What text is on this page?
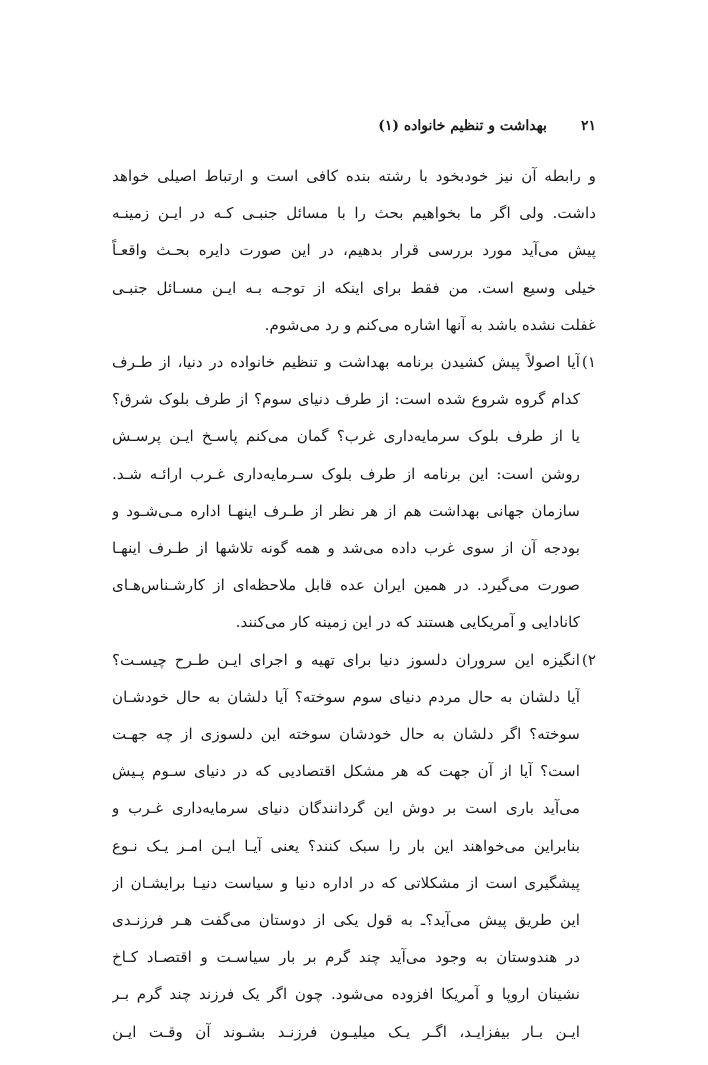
۲۱
بهداشت و تنظیم خانواده (۱)
و رابطه آن نیز خودبخود با رشته بنده کافی است و ارتباط اصیلی خواهد
داشت. ولی اگر ما بخواهیم بحث را با مسائل جنبـی کـه در ایـن زمینـه
پیش می‌آید مورد بررسی قرار بدهیم، در این صورت دایره بحـث واقعـاً
خیلی وسیع است. من فقط برای اینکه از توجـه بـه ایـن مسـائل جنبـی
غفلت نشده باشد به آنها اشاره می‌کنم و رد می‌شوم.
۱)
آیا اصولاً پیش کشیدن برنامه بهداشت و تنظیم خانواده در دنیا، از طـرف
کدام گروه شروع شده است: از طرف دنیای سوم؟ از طرف بلوک شرق؟
یا از طرف بلوک سرمایه‌داری غرب؟ گمان می‌کنم پاسـخ ایـن پرسـش
روشن است: این برنامه از طرف بلوک سـرمایه‌داری غـرب ارائـه شـد.
سازمان جهانی بهداشت هم از هر نظر از طـرف اینهـا اداره مـی‌شـود و
بودجه آن از سوی غرب داده می‌شد و همه گونه تلاشها از طـرف اینهـا
صورت می‌گیرد. در همین ایران عده قابل ملاحظه‌ای از کارشـناس‌هـای
کانادایی و آمریکایی هستند که در این زمینه کار می‌کنند.
۲)
انگیزه این سروران دلسوز دنیا برای تهیه و اجرای ایـن طـرح چیسـت؟
آیا دلشان به حال مردم دنیای سوم سوخته؟ آیا دلشان به حال خودشـان
سوخته؟ اگر دلشان به حال خودشان سوخته این دلسوزی از چه جهـت
است؟ آیا از آن جهت که هر مشکل اقتصادیی که در دنیای سـوم پـیش
می‌آید باری است بر دوش این گردانندگان دنیای سرمایه‌داری غـرب و
بنابراین می‌خواهند این بار را سبک کنند؟ یعنی آیـا ایـن امـر یـک نـوع
پیشگیری است از مشکلاتی که در اداره دنیا و سیاست دنیـا برایشـان از
این طریق پیش می‌آید؟ـ به قول یکی از دوستان می‌گفت هـر فرزنـدی
در هندوستان به وجود می‌آید چند گرم بر بار سیاسـت و اقتصـاد کـاخ
نشینان اروپا و آمریکا افزوده می‌شود. چون اگر یک فرزند چند گرم بـر
ایـن بـار بیفزایـد، اگـر یـک میلیـون فرزنـد بشـوند آن وقـت ایـن
